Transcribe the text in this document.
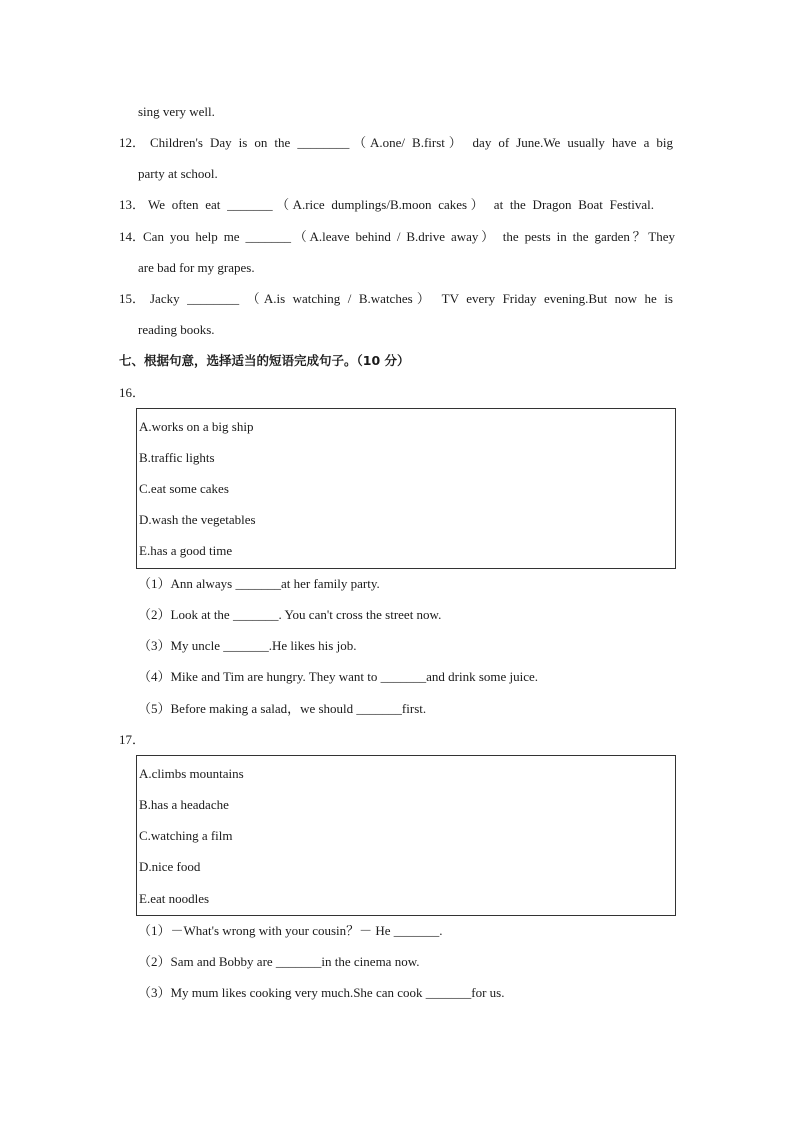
sing very well.
12． Children's Day is on the ________（A.one/ B.first） day of June.We usually have a big
party at school.
13． We often eat _______（A.rice dumplings/B.moon cakes） at the Dragon Boat Festival.
14．
Can you help me _______（A.leave behind / B.drive away） the pests in the garden？They
are bad for my grapes.
15． Jacky ________ （A.is watching / B.watches） TV every Friday evening.But now he is
reading books.
七、根据句意，选择适当的短语完成句子。（10 分）
16．
A.works on a big ship
B.traffic lights
C.eat some cakes
D.wash the vegetables
E.has a good time
（1）Ann always _______at her family party.
（2）Look at the _______. You can't cross the street now.
（3）My uncle _______.He likes his job.
（4）Mike and Tim are hungry. They want to _______and drink some juice.
（5）Before making a salad，we should _______first.
17．
A.climbs mountains
B.has a headache
C.watching a film
D.nice food
E.eat noodles
（1）－What's wrong with your cousin？－ He _______.
（2）Sam and Bobby are _______in the cinema now.
（3）My mum likes cooking very much.She can cook _______for us.
